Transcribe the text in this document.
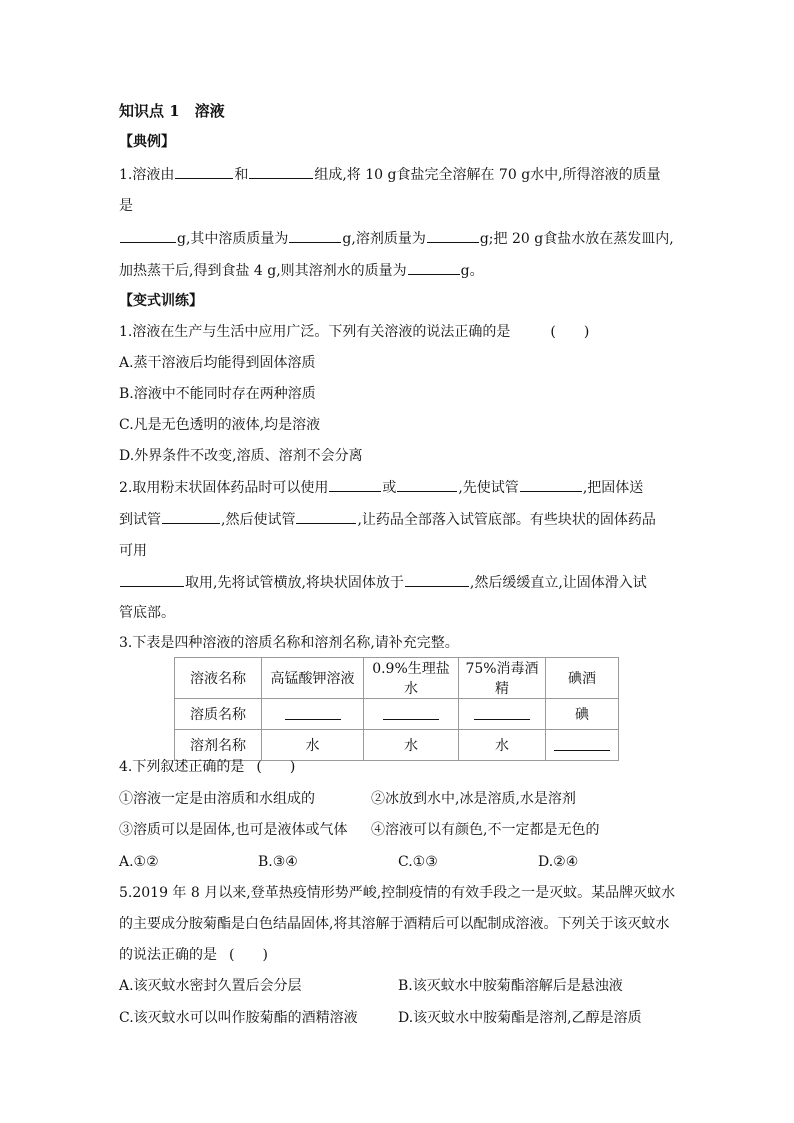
知识点 1　溶液
【典例】
1.溶液由	和	组成,将 10 g食盐完全溶解在 70 g水中,所得溶液的质量
是
g,其中溶质质量为	g,溶剂质量为	g;把 20 g食盐水放在蒸发皿内,
加热蒸干后,得到食盐 4 g,则其溶剂水的质量为	g。
【变式训练】
1.溶液在生产与生活中应用广泛。下列有关溶液的说法正确的是	(　　)
A.蒸干溶液后均能得到固体溶质
B.溶液中不能同时存在两种溶质
C.凡是无色透明的液体,均是溶液
D.外界条件不改变,溶质、溶剂不会分离
2.取用粉末状固体药品时可以使用	或	,先使试管	,把固体送
到试管	,然后使试管	,让药品全部落入试管底部。有些块状的固体药品
可用
取用,先将试管横放,将块状固体放于	,然后缓缓直立,让固体滑入试
管底部。
3.下表是四种溶液的溶质名称和溶剂名称,请补充完整。
溶液名称	高锰酸钾溶液	0.9%生理盐水	75%消毒酒精	碘酒
溶质名称				碘
溶剂名称	水	水	水	
4.下列叙述正确的是 (　　)
①溶液一定是由溶质和水组成的	②冰放到水中,冰是溶质,水是溶剂
③溶质可以是固体,也可是液体或气体 ④溶液可以有颜色,不一定都是无色的
A.①②	B.③④	C.①③	D.②④
5.2019 年 8 月以来,登革热疫情形势严峻,控制疫情的有效手段之一是灭蚊。某品牌灭蚊水
的主要成分胺菊酯是白色结晶固体,将其溶解于酒精后可以配制成溶液。下列关于该灭蚊水
的说法正确的是 (　　)
A.该灭蚊水密封久置后会分层	B.该灭蚊水中胺菊酯溶解后是悬浊液
C.该灭蚊水可以叫作胺菊酯的酒精溶液	D.该灭蚊水中胺菊酯是溶剂,乙醇是溶质
